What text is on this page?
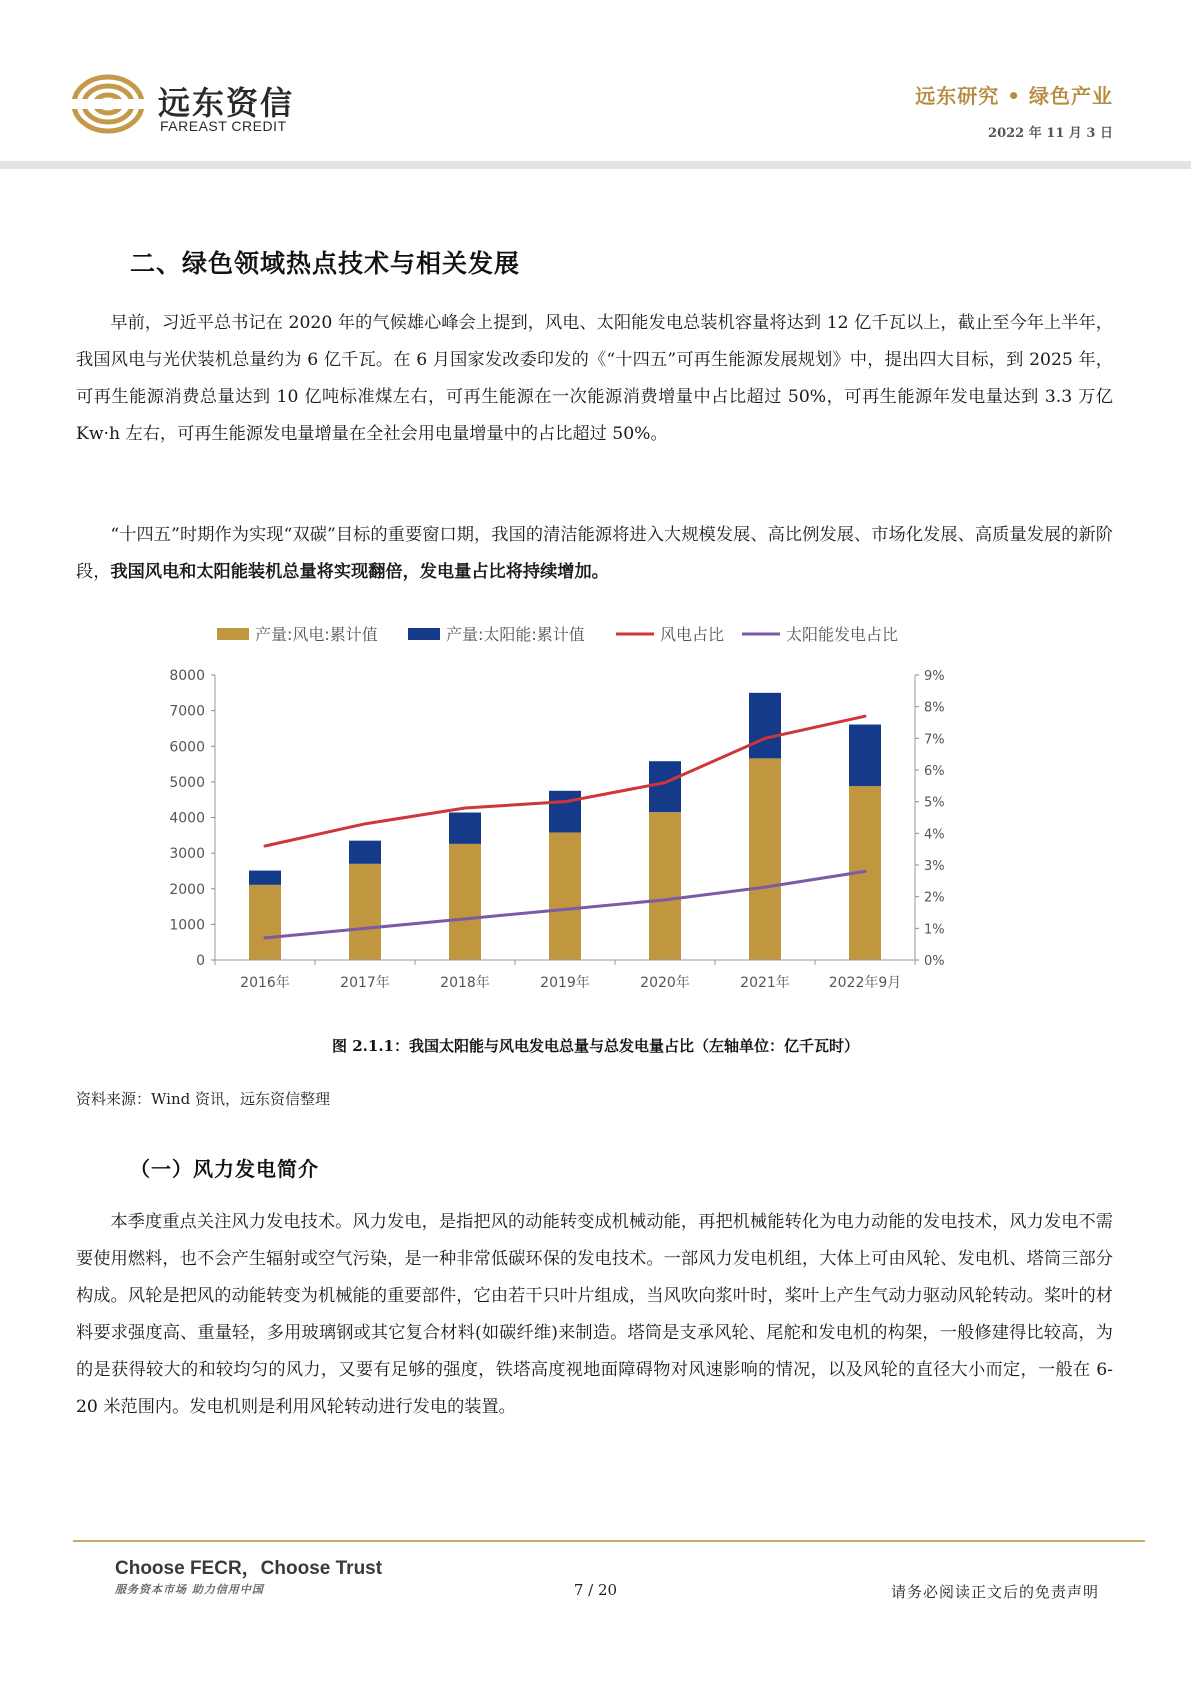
远东资信
FAREAST CREDIT
远东研究 • 绿色产业
2022 年 11 月 3 日
二、绿色领域热点技术与相关发展

早前，习近平总书记在 2020 年的气候雄心峰会上提到，风电、太阳能发电总装机容量将达到 12 亿千瓦以上，截止至今年上半年，我国风电与光伏装机总量约为 6 亿千瓦。在 6 月国家发改委印发的《“十四五”可再生能源发展规划》中，提出四大目标，到 2025 年，可再生能源消费总量达到 10 亿吨标准煤左右，可再生能源在一次能源消费增量中占比超过 50%，可再生能源年发电量达到 3.3 万亿 Kw·h 左右，可再生能源发电量增量在全社会用电量增量中的占比超过 50%。

“十四五”时期作为实现“双碳”目标的重要窗口期，我国的清洁能源将进入大规模发展、高比例发展、市场化发展、高质量发展的新阶段，我国风电和太阳能装机总量将实现翻倍，发电量占比将持续增加。

产量:风电:累计值	产量:太阳能:累计值	风电占比	太阳能发电占比
0
1000
2000
3000
4000
5000
6000
7000
8000
0%
1%
2%
3%
4%
5%
6%
7%
8%
9%
2016年	2017年	2018年	2019年	2020年	2021年	2022年9月
图 2.1.1：我国太阳能与风电发电总量与总发电量占比（左轴单位：亿千瓦时）
资料来源：Wind 资讯，远东资信整理
（一）风力发电简介

本季度重点关注风力发电技术。风力发电，是指把风的动能转变成机械动能，再把机械能转化为电力动能的发电技术，风力发电不需要使用燃料，也不会产生辐射或空气污染，是一种非常低碳环保的发电技术。一部风力发电机组，大体上可由风轮、发电机、塔筒三部分构成。风轮是把风的动能转变为机械能的重要部件，它由若干只叶片组成，当风吹向浆叶时，桨叶上产生气动力驱动风轮转动。桨叶的材料要求强度高、重量轻，多用玻璃钢或其它复合材料(如碳纤维)来制造。塔筒是支承风轮、尾舵和发电机的构架，一般修建得比较高，为的是获得较大的和较均匀的风力，又要有足够的强度，铁塔高度视地面障碍物对风速影响的情况，以及风轮的直径大小而定，一般在 6-20 米范围内。发电机则是利用风轮转动进行发电的装置。

Choose FECR，Choose Trust
服务资本市场 助力信用中国	7 / 20	请务必阅读正文后的免责声明
